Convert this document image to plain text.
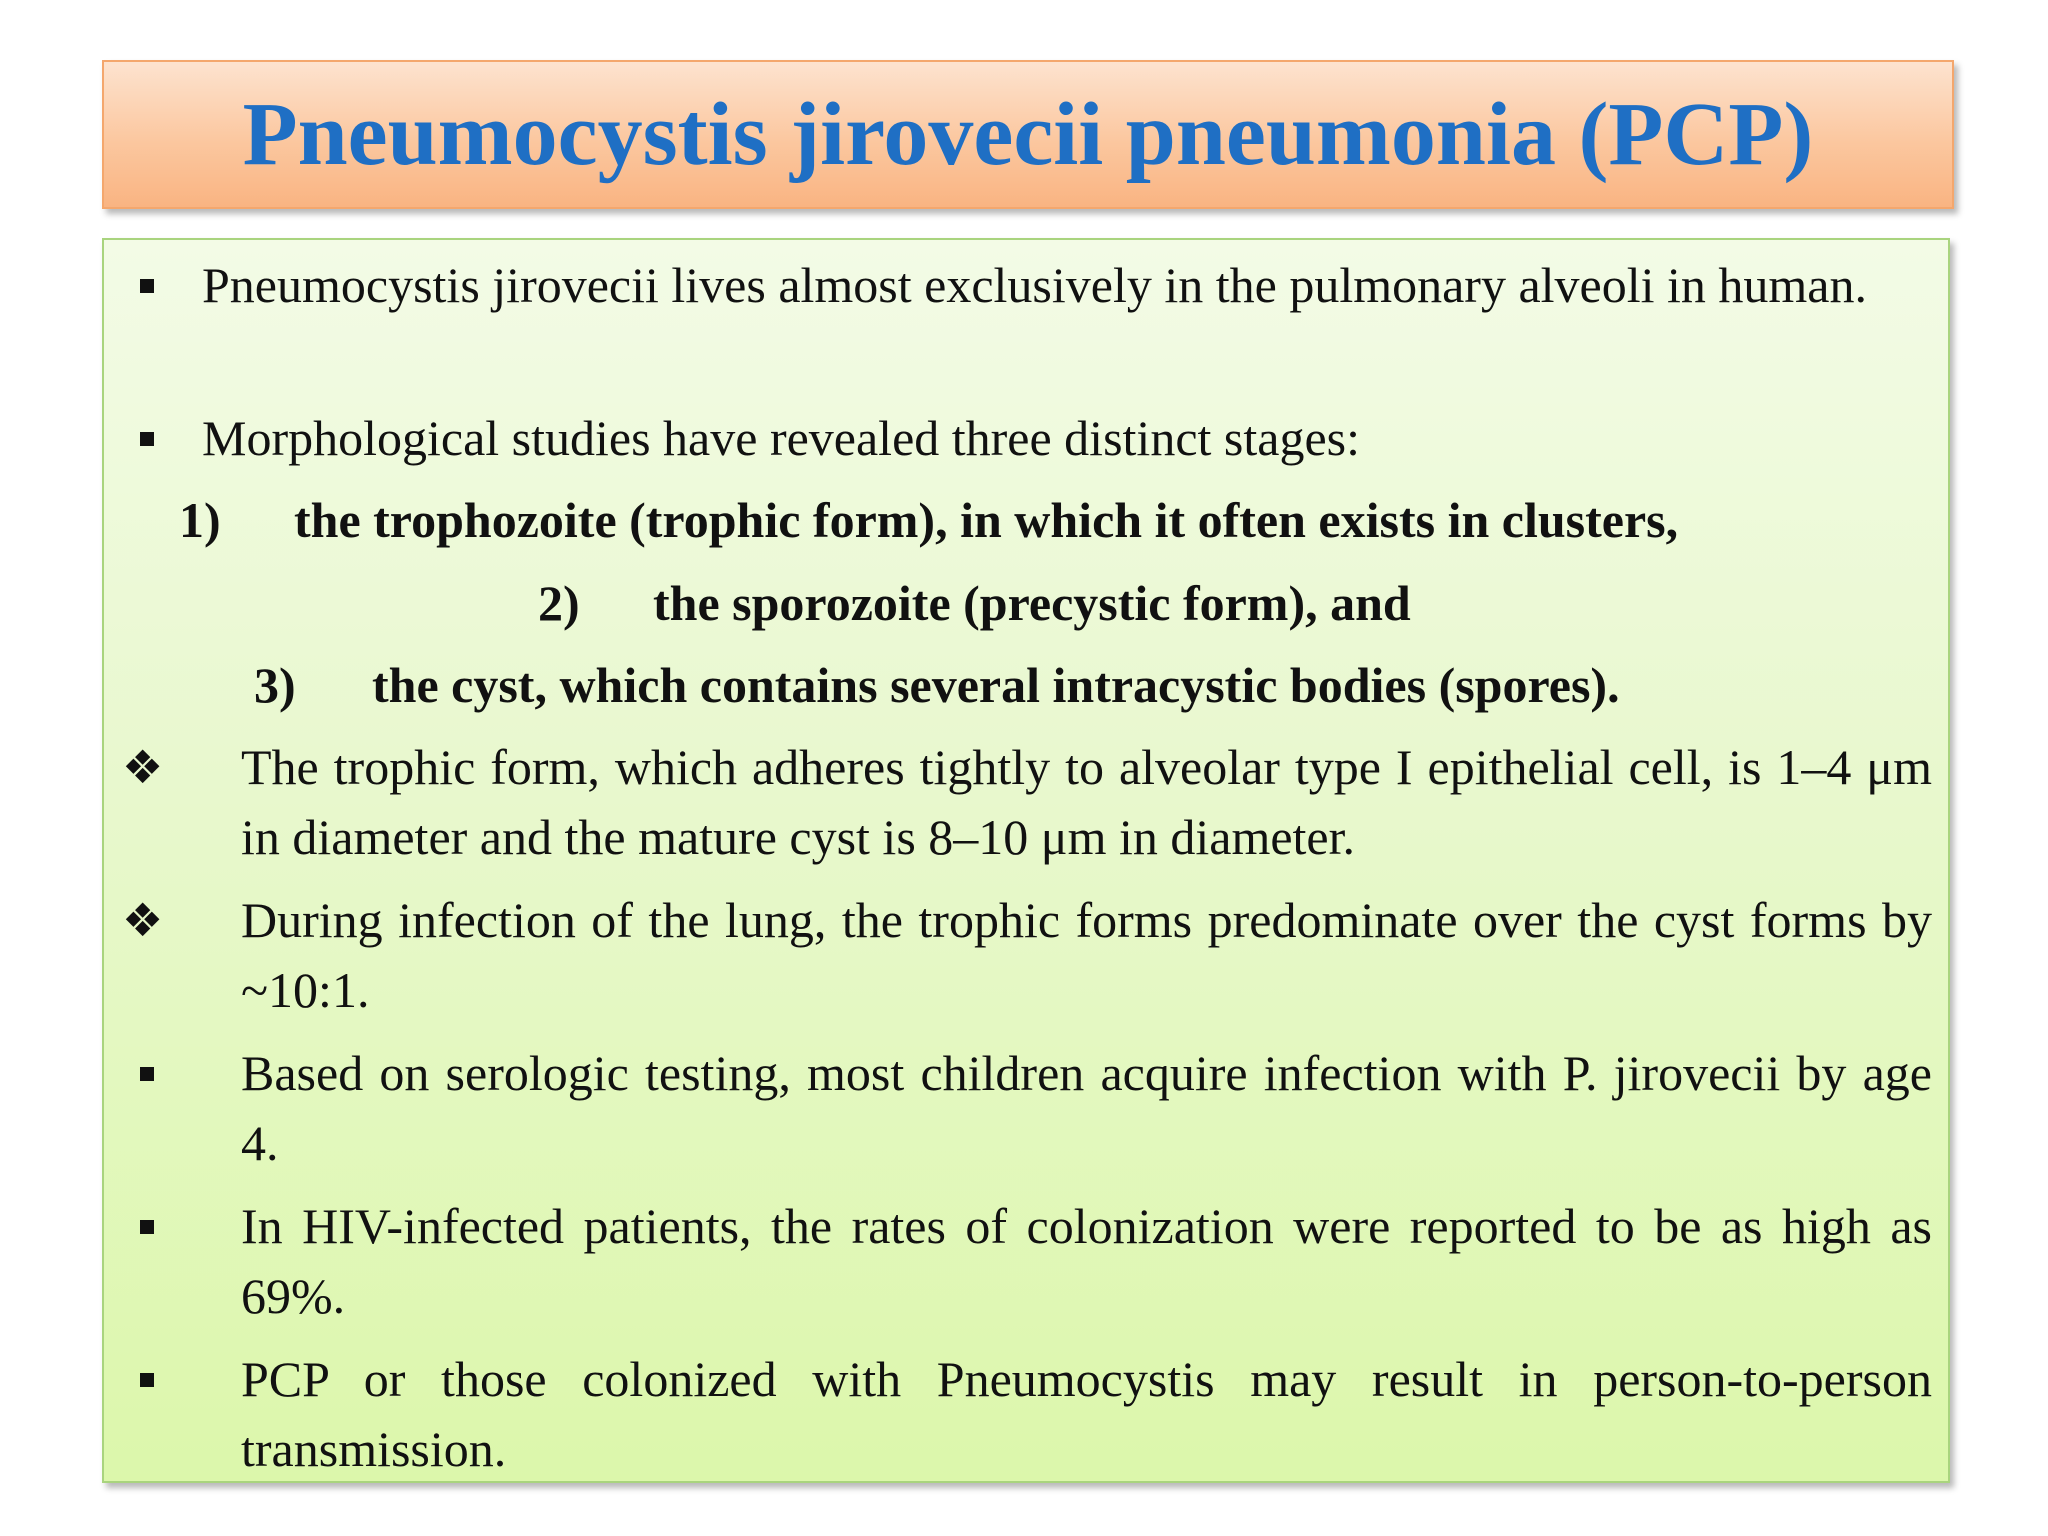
Pneumocystis jirovecii pneumonia (PCP)
Pneumocystis jirovecii lives almost exclusively in the pulmonary alveoli in human.
Morphological studies have revealed three distinct stages:
1) the trophozoite (trophic form), in which it often exists in clusters,
2) the sporozoite (precystic form), and
3) the cyst, which contains several intracystic bodies (spores).
❖ The trophic form, which adheres tightly to alveolar type I epithelial cell, is 1–4 μm in diameter and the mature cyst is 8–10 μm in diameter.
❖ During infection of the lung, the trophic forms predominate over the cyst forms by ~10:1.
Based on serologic testing, most children acquire infection with P. jirovecii by age 4.
In HIV-infected patients, the rates of colonization were reported to be as high as 69%.
PCP or those colonized with Pneumocystis may result in person-to-person transmission.
